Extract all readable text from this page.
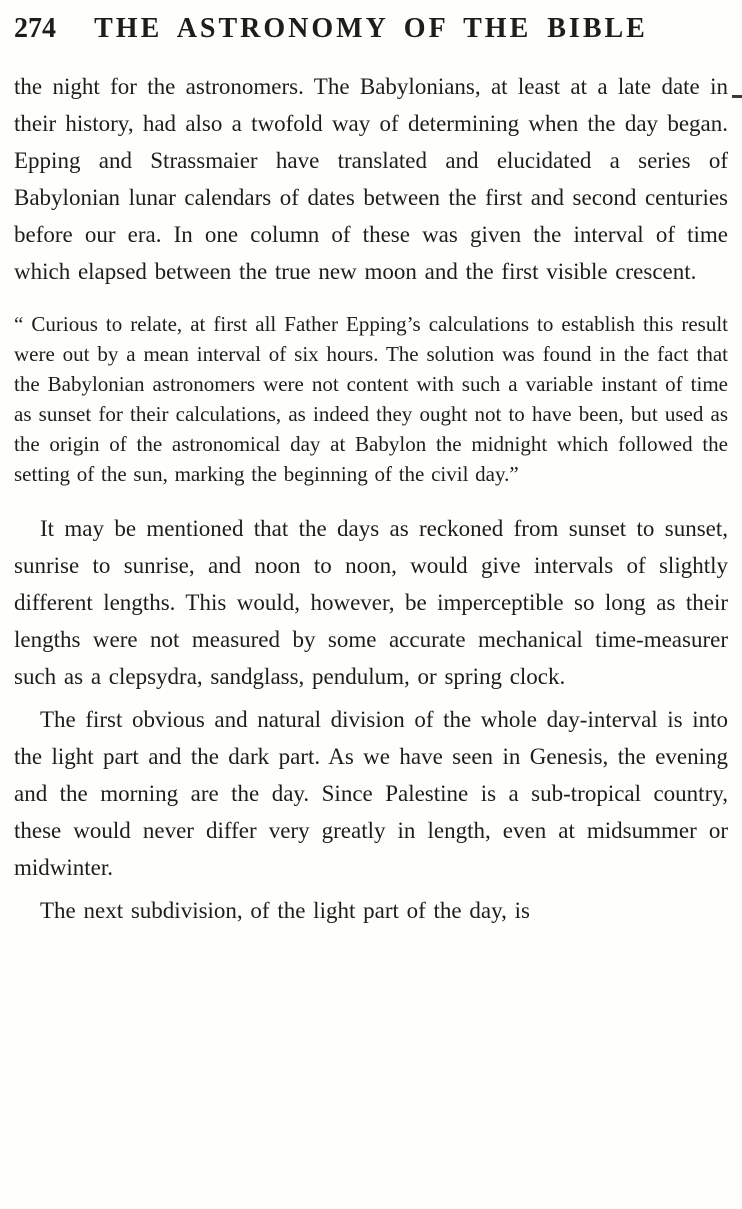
274	THE ASTRONOMY OF THE BIBLE

the night for the astronomers. The Babylonians, at least at a late date in their history, had also a twofold way of determining when the day began. Epping and Strassmaier have translated and elucidated a series of Babylonian lunar calendars of dates between the first and second centuries before our era. In one column of these was given the interval of time which elapsed between the true new moon and the first visible crescent.

“ Curious to relate, at first all Father Epping’s calculations to establish this result were out by a mean interval of six hours. The solution was found in the fact that the Babylonian astronomers were not content with such a variable instant of time as sunset for their calculations, as indeed they ought not to have been, but used as the origin of the astronomical day at Babylon the midnight which followed the setting of the sun, marking the beginning of the civil day.”

It may be mentioned that the days as reckoned from sunset to sunset, sunrise to sunrise, and noon to noon, would give intervals of slightly different lengths. This would, however, be imperceptible so long as their lengths were not measured by some accurate mechanical time-measurer such as a clepsydra, sandglass, pendulum, or spring clock.

The first obvious and natural division of the whole day-interval is into the light part and the dark part. As we have seen in Genesis, the evening and the morning are the day. Since Palestine is a sub-tropical country, these would never differ very greatly in length, even at midsummer or midwinter.

The next subdivision, of the light part of the day, is
